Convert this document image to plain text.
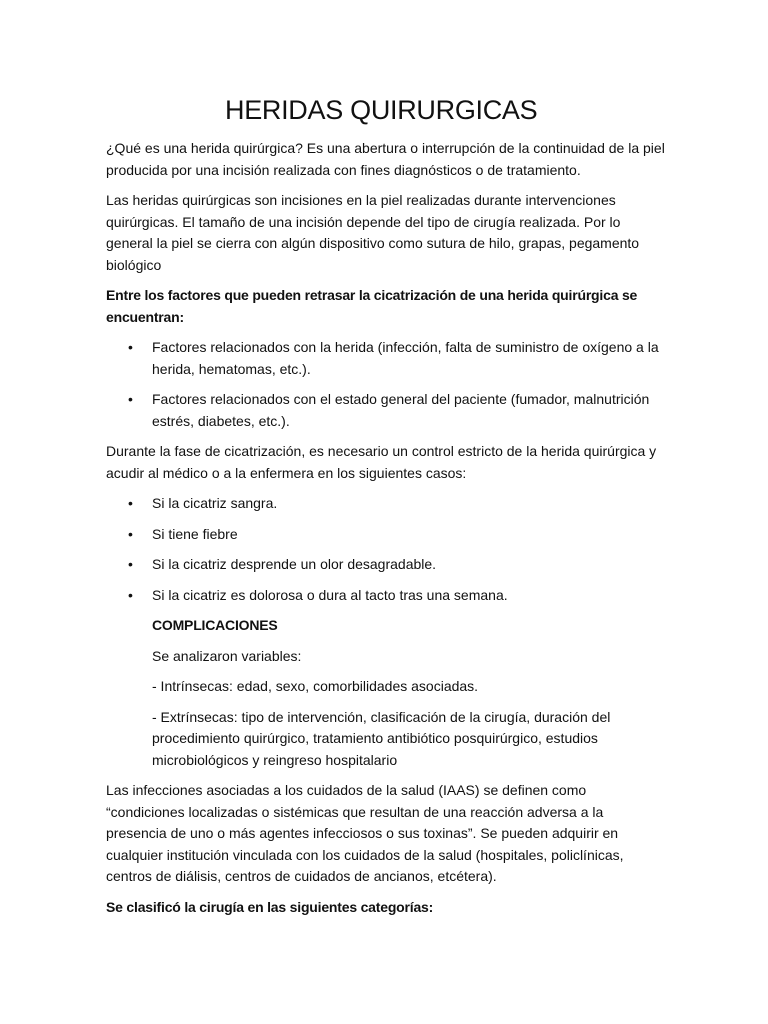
HERIDAS QUIRURGICAS

¿Qué es una herida quirúrgica? Es una abertura o interrupción de la continuidad de la piel producida por una incisión realizada con fines diagnósticos o de tratamiento.

Las heridas quirúrgicas son incisiones en la piel realizadas durante intervenciones quirúrgicas. El tamaño de una incisión depende del tipo de cirugía realizada. Por lo general la piel se cierra con algún dispositivo como sutura de hilo, grapas, pegamento biológico

Entre los factores que pueden retrasar la cicatrización de una herida quirúrgica se encuentran:

• Factores relacionados con la herida (infección, falta de suministro de oxígeno a la herida, hematomas, etc.).
• Factores relacionados con el estado general del paciente (fumador, malnutrición estrés, diabetes, etc.).

Durante la fase de cicatrización, es necesario un control estricto de la herida quirúrgica y acudir al médico o a la enfermera en los siguientes casos:

• Si la cicatriz sangra.
• Si tiene fiebre
• Si la cicatriz desprende un olor desagradable.
• Si la cicatriz es dolorosa o dura al tacto tras una semana.

COMPLICACIONES

Se analizaron variables:

- Intrínsecas: edad, sexo, comorbilidades asociadas.

- Extrínsecas: tipo de intervención, clasificación de la cirugía, duración del procedimiento quirúrgico, tratamiento antibiótico posquirúrgico, estudios microbiológicos y reingreso hospitalario

Las infecciones asociadas a los cuidados de la salud (IAAS) se definen como “condiciones localizadas o sistémicas que resultan de una reacción adversa a la presencia de uno o más agentes infecciosos o sus toxinas”. Se pueden adquirir en cualquier institución vinculada con los cuidados de la salud (hospitales, policlínicas, centros de diálisis, centros de cuidados de ancianos, etcétera).

Se clasificó la cirugía en las siguientes categorías:
